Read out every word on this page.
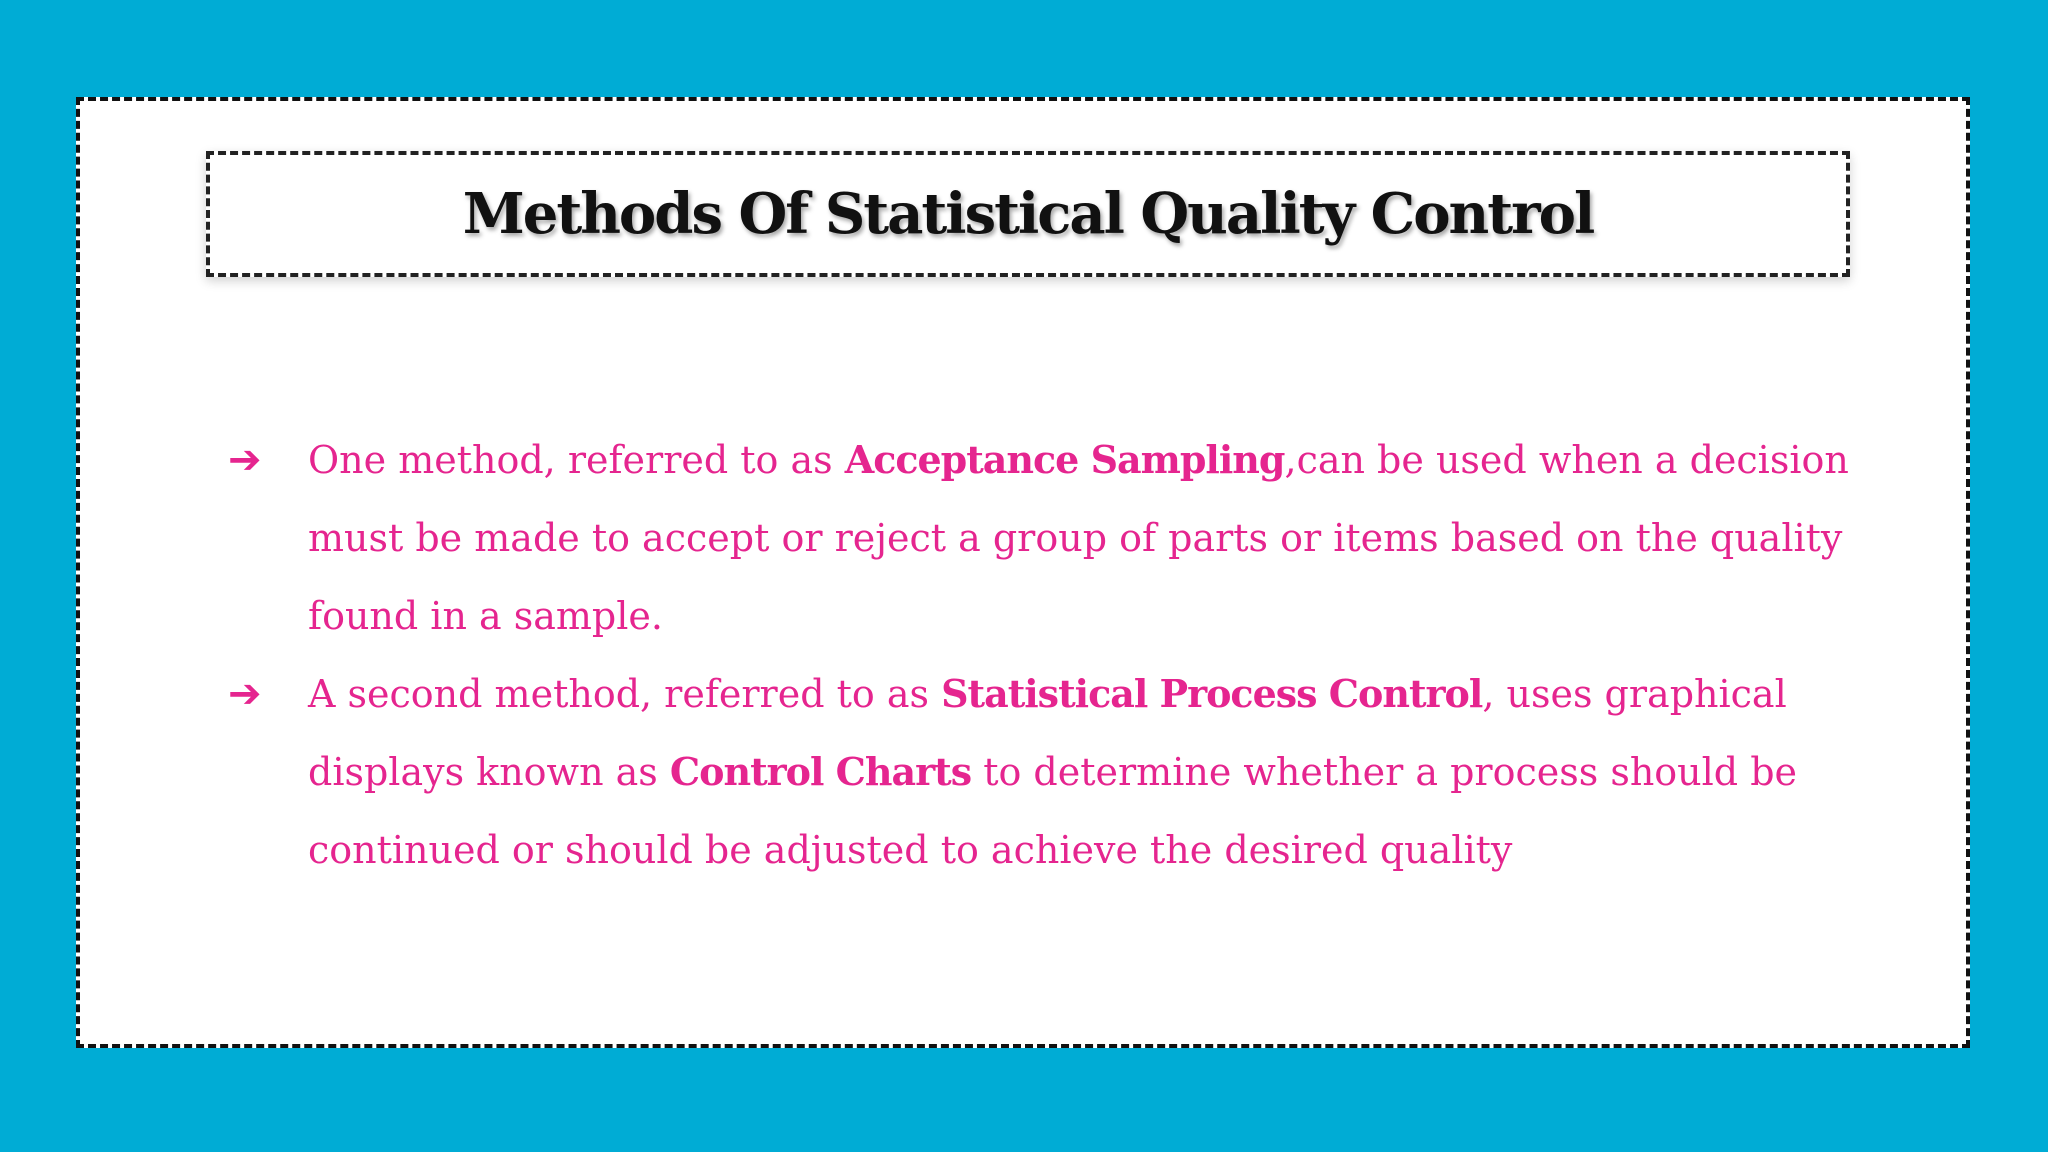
Methods Of Statistical Quality Control
➔	One method, referred to as Acceptance Sampling,can be used when a decision must be made to accept or reject a group of parts or items based on the quality found in a sample.
➔	A second method, referred to as Statistical Process Control, uses graphical displays known as Control Charts to determine whether a process should be continued or should be adjusted to achieve the desired quality
